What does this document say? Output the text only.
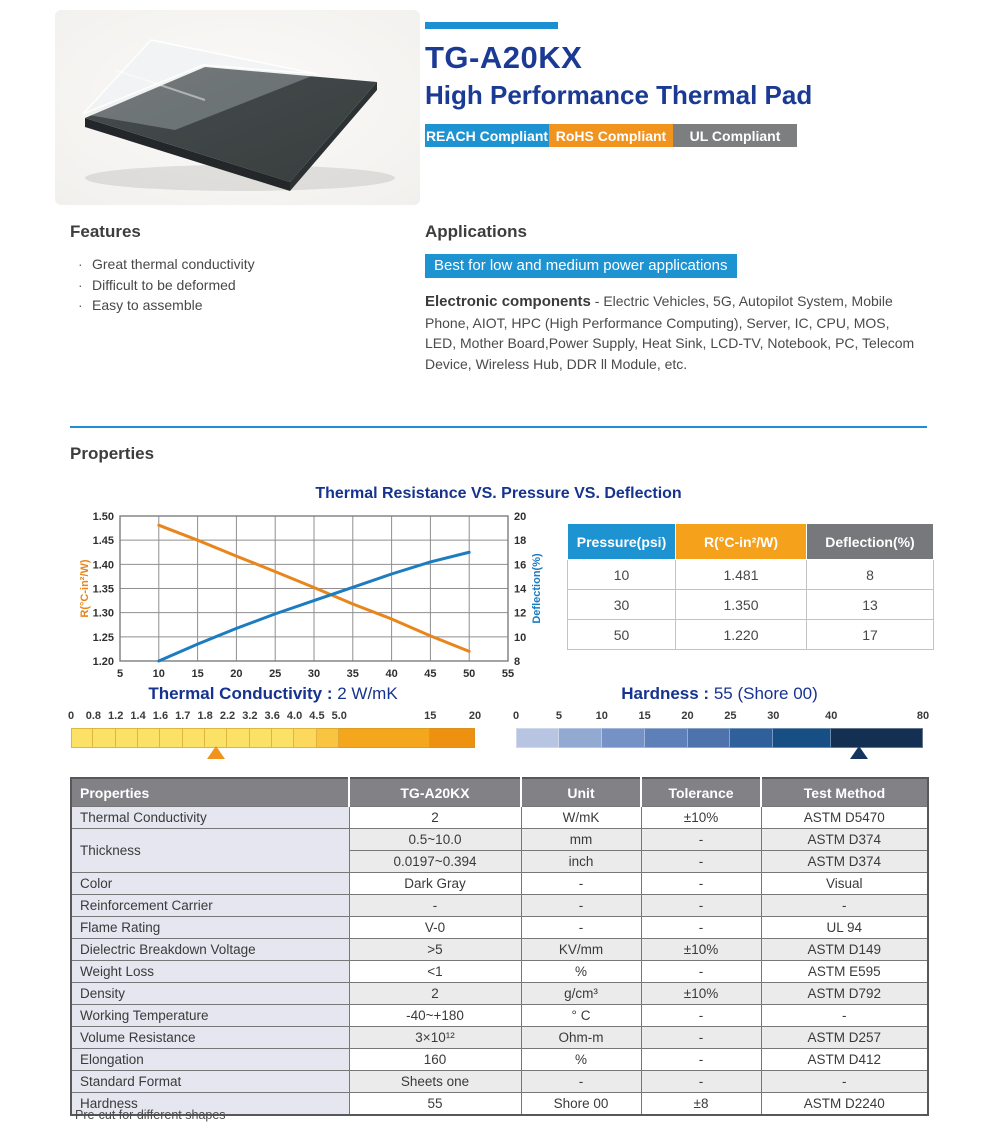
TG-A20KX
High Performance Thermal Pad
REACH Compliant RoHS Compliant	UL Compliant
Features
· Great thermal conductivity
· Difficult to be deformed
· Easy to assemble
Applications
Best for low and medium power applications

Electronic components - Electric Vehicles, 5G, Autopilot System, Mobile Phone, AIOT, HPC (High Performance Computing), Server, IC, CPU, MOS, LED, Mother Board,Power Supply, Heat Sink, LCD-TV, Notebook, PC, Telecom Device, Wireless Hub, DDR ll Module, etc.

Properties
Thermal Resistance VS. Pressure VS. Deflection
5	10 15 20 25 30 35 40 45 50 55
1.20
1.25
1.30
1.35
1.40
1.45
1.50
8
10
12
14
16
18
20
R(°C-in²/W)	Deflection(%)
Pressure(psi)	R(°C-in²/W)	Deflection(%)
10	1.481	8
30	1.350	13
50	1.220	17
Thermal Conductivity : 2 W/mK
0 0.8 1.2 1.4 1.6 1.7 1.8 2.2 3.2 3.6 4.0 4.5 5.0	15	20
Hardness : 55 (Shore 00)
0	5	10	15	20	25	30	40	80
Properties	TG-A20KX	Unit	Tolerance	Test Method
Thermal Conductivity	2	W/mK	±10%	ASTM D5470
Thickness	0.5~10.0	mm	-	ASTM D374
	0.0197~0.394	inch	-	ASTM D374
Color	Dark Gray	-	-	Visual
Reinforcement Carrier	-	-	-	-
Flame Rating	V-0	-	-	UL 94
Dielectric Breakdown Voltage	>5	KV/mm	±10%	ASTM D149
Weight Loss	<1	%	-	ASTM E595
Density	2	g/cm³	±10%	ASTM D792
Working Temperature	-40~+180	° C	-	-
Volume Resistance	3×10¹²	Ohm-m	-	ASTM D257
Elongation	160	%	-	ASTM D412
Standard Format	Sheets one	-	-	-
Hardness	55	Shore 00	±8	ASTM D2240
Pre-cut for different shapes
